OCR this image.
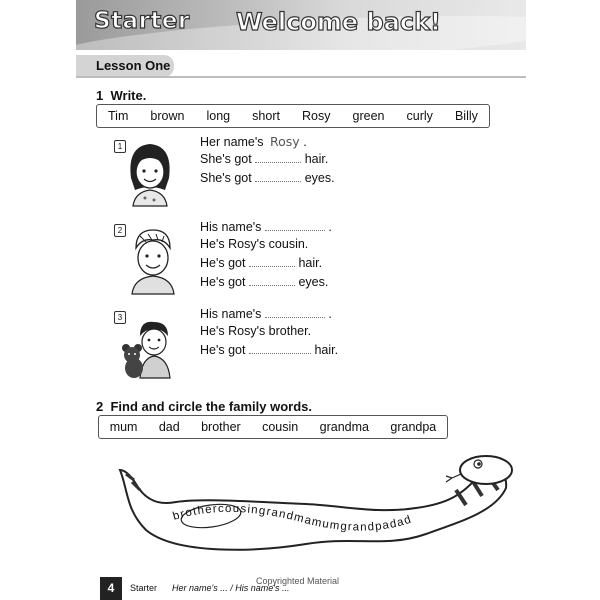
Starter Welcome back!
Lesson One
1 Write.
Tim brown long short Rosy green curly Billy
1	Her name's Rosy .
She's got	hair.
She's got	eyes.
2	His name's	.
He's Rosy's cousin.
He's got	hair.
He's got	eyes.
3	His name's	.
He's Rosy's brother.
He's got	hair.
2 Find and circle the family words.
mum dad brother cousin grandma grandpa
brothercousingrandmamumgrandpadad
4	Starter Her name's ... / His name's ...
Copyrighted Material
